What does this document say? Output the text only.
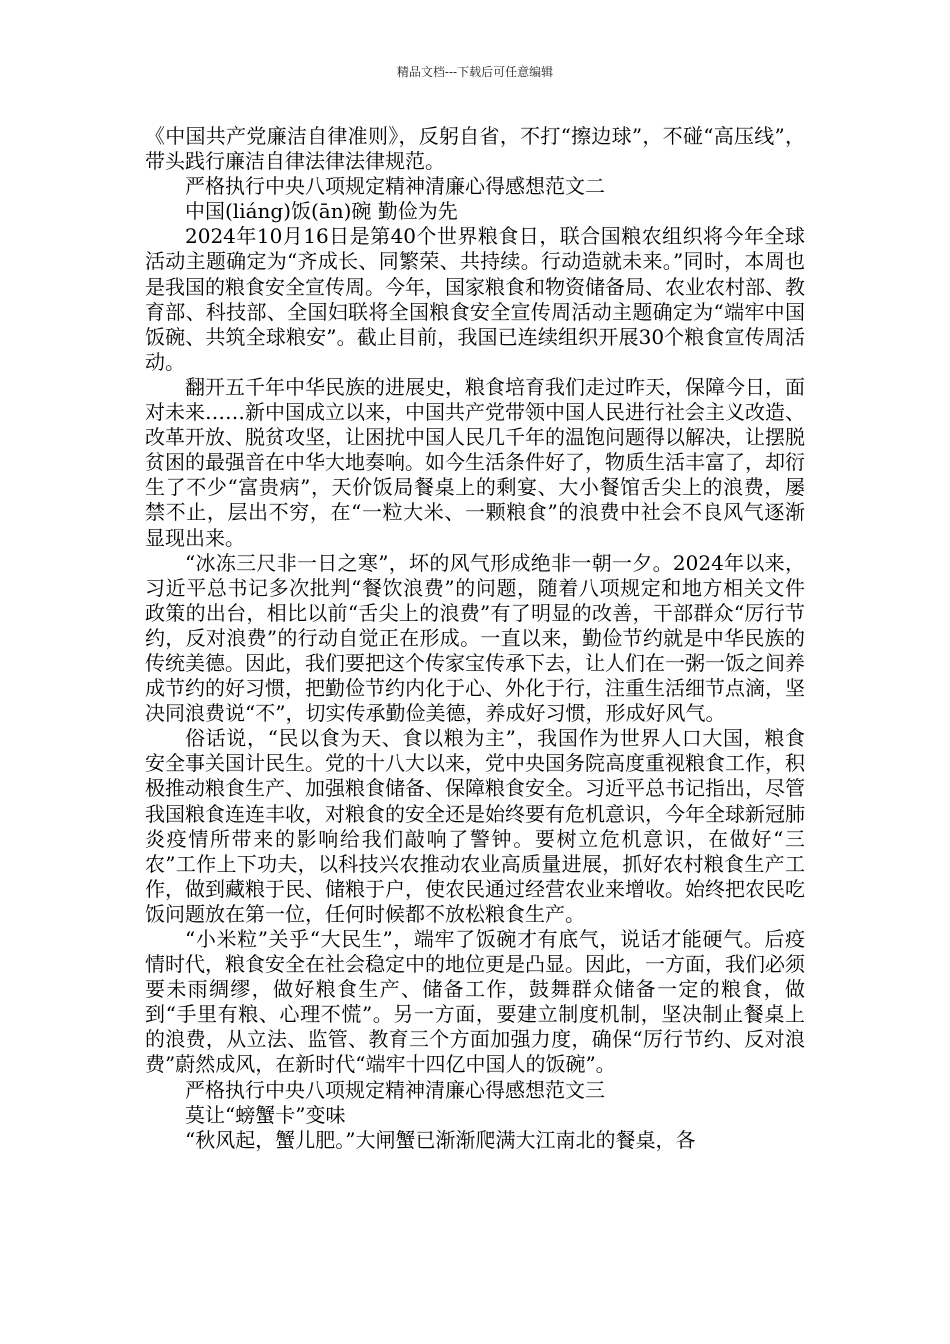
精品文档---下载后可任意编辑

《中国共产党廉洁自律准则》，反躬自省，不打“擦边球”，不碰“高压线”，带头践行廉洁自律法律法律规范。

严格执行中央八项规定精神清廉心得感想范文二

中国(liáng)饭(ān)碗 勤俭为先

2024年10月16日是第40个世界粮食日，联合国粮农组织将今年全球活动主题确定为“齐成长、同繁荣、共持续。行动造就未来。”同时，本周也是我国的粮食安全宣传周。今年，国家粮食和物资储备局、农业农村部、教育部、科技部、全国妇联将全国粮食安全宣传周活动主题确定为“端牢中国饭碗、共筑全球粮安”。截止目前，我国已连续组织开展30个粮食宣传周活动。

翻开五千年中华民族的进展史，粮食培育我们走过昨天，保障今日，面对未来……新中国成立以来，中国共产党带领中国人民进行社会主义改造、改革开放、脱贫攻坚，让困扰中国人民几千年的温饱问题得以解决，让摆脱贫困的最强音在中华大地奏响。如今生活条件好了，物质生活丰富了，却衍生了不少“富贵病”，天价饭局餐桌上的剩宴、大小餐馆舌尖上的浪费，屡禁不止，层出不穷，在“一粒大米、一颗粮食”的浪费中社会不良风气逐渐显现出来。

“冰冻三尺非一日之寒”，坏的风气形成绝非一朝一夕。2024年以来，习近平总书记多次批判“餐饮浪费”的问题，随着八项规定和地方相关文件政策的出台，相比以前“舌尖上的浪费”有了明显的改善，干部群众“厉行节约，反对浪费”的行动自觉正在形成。一直以来，勤俭节约就是中华民族的传统美德。因此，我们要把这个传家宝传承下去，让人们在一粥一饭之间养成节约的好习惯，把勤俭节约内化于心、外化于行，注重生活细节点滴，坚决同浪费说“不”，切实传承勤俭美德，养成好习惯，形成好风气。

俗话说，“民以食为天、食以粮为主”，我国作为世界人口大国，粮食安全事关国计民生。党的十八大以来，党中央国务院高度重视粮食工作，积极推动粮食生产、加强粮食储备、保障粮食安全。习近平总书记指出，尽管我国粮食连连丰收，对粮食的安全还是始终要有危机意识，今年全球新冠肺炎疫情所带来的影响给我们敲响了警钟。要树立危机意识，在做好“三农”工作上下功夫，以科技兴农推动农业高质量进展，抓好农村粮食生产工作，做到藏粮于民、储粮于户，使农民通过经营农业来增收。始终把农民吃饭问题放在第一位，任何时候都不放松粮食生产。

“小米粒”关乎“大民生”，端牢了饭碗才有底气，说话才能硬气。后疫情时代，粮食安全在社会稳定中的地位更是凸显。因此，一方面，我们必须要未雨绸缪，做好粮食生产、储备工作，鼓舞群众储备一定的粮食，做到“手里有粮、心理不慌”。另一方面，要建立制度机制，坚决制止餐桌上的浪费，从立法、监管、教育三个方面加强力度，确保“厉行节约、反对浪费”蔚然成风，在新时代“端牢十四亿中国人的饭碗”。

严格执行中央八项规定精神清廉心得感想范文三

莫让“螃蟹卡”变味

“秋风起，蟹儿肥。”大闸蟹已渐渐爬满大江南北的餐桌，各
